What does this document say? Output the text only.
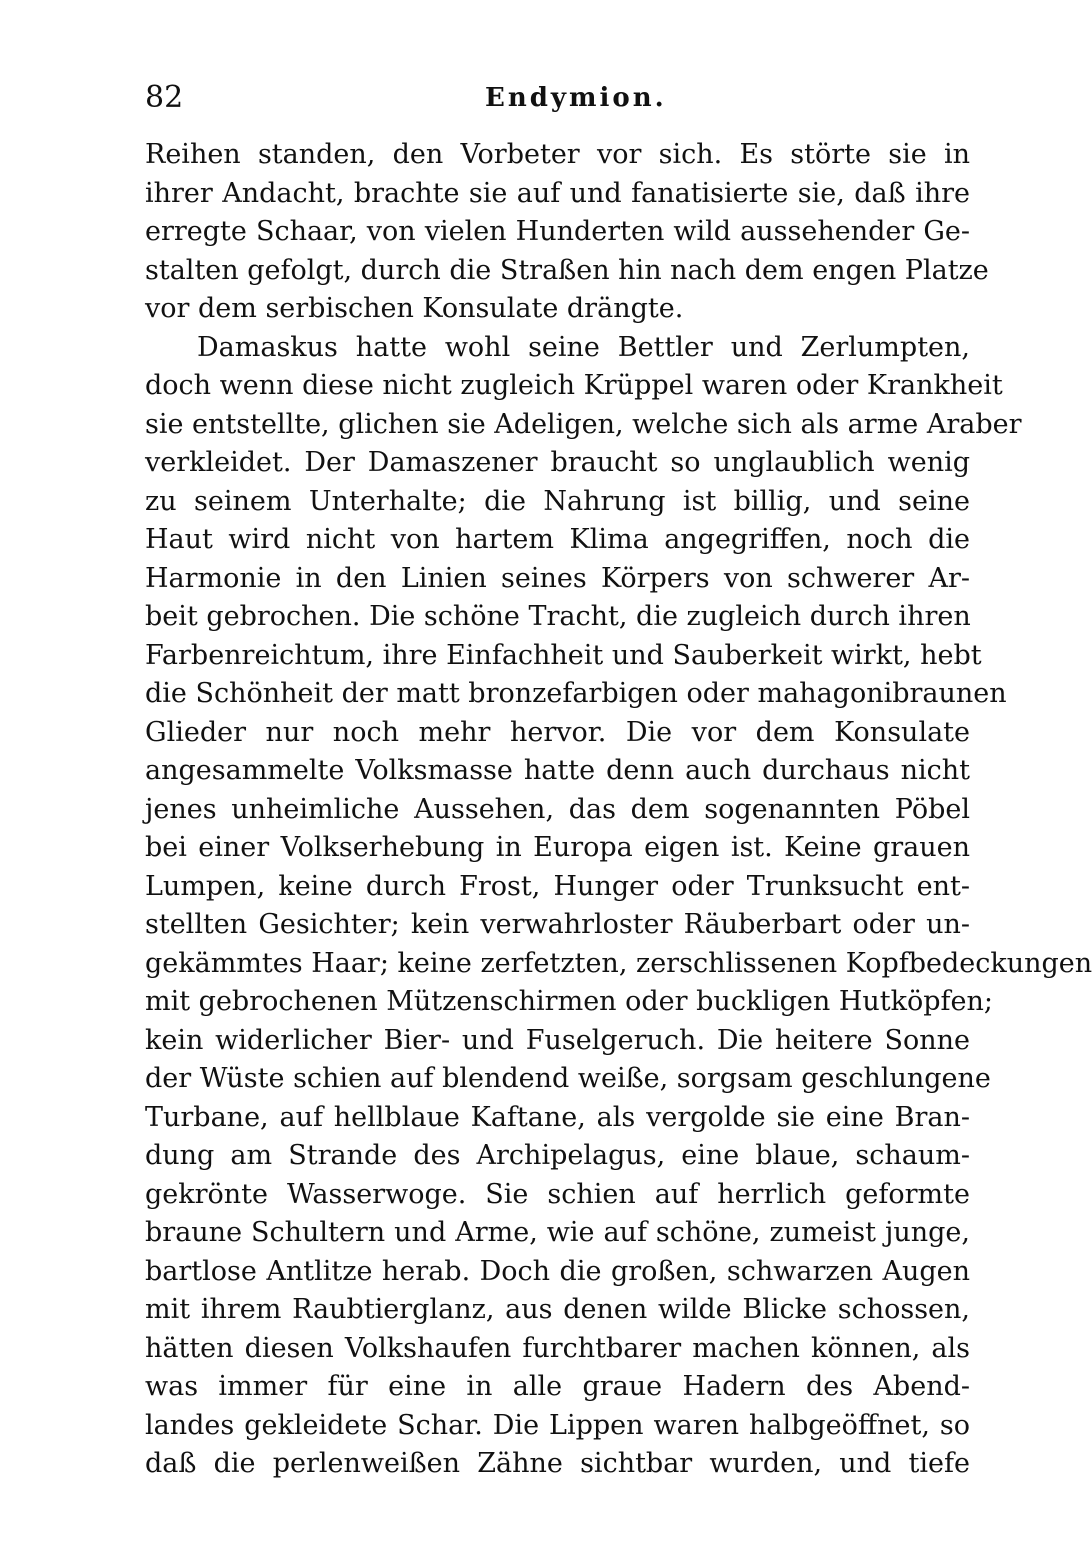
82	Endymion.
Reihen standen, den Vorbeter vor sich. Es störte sie in
ihrer Andacht, brachte sie auf und fanatisierte sie, daß ihre
erregte Schaar, von vielen Hunderten wild aussehender Ge-
stalten gefolgt, durch die Straßen hin nach dem engen Platze
vor dem serbischen Konsulate drängte.
Damaskus hatte wohl seine Bettler und Zerlumpten,
doch wenn diese nicht zugleich Krüppel waren oder Krankheit
sie entstellte, glichen sie Adeligen, welche sich als arme Araber
verkleidet. Der Damaszener braucht so unglaublich wenig
zu seinem Unterhalte; die Nahrung ist billig, und seine
Haut wird nicht von hartem Klima angegriffen, noch die
Harmonie in den Linien seines Körpers von schwerer Ar-
beit gebrochen. Die schöne Tracht, die zugleich durch ihren
Farbenreichtum, ihre Einfachheit und Sauberkeit wirkt, hebt
die Schönheit der matt bronzefarbigen oder mahagonibraunen
Glieder nur noch mehr hervor. Die vor dem Konsulate
angesammelte Volksmasse hatte denn auch durchaus nicht
jenes unheimliche Aussehen, das dem sogenannten Pöbel
bei einer Volkserhebung in Europa eigen ist. Keine grauen
Lumpen, keine durch Frost, Hunger oder Trunksucht ent-
stellten Gesichter; kein verwahrloster Räuberbart oder un-
gekämmtes Haar; keine zerfetzten, zerschlissenen Kopfbedeckungen
mit gebrochenen Mützenschirmen oder buckligen Hutköpfen;
kein widerlicher Bier- und Fuselgeruch. Die heitere Sonne
der Wüste schien auf blendend weiße, sorgsam geschlungene
Turbane, auf hellblaue Kaftane, als vergolde sie eine Bran-
dung am Strande des Archipelagus, eine blaue, schaum-
gekrönte Wasserwoge. Sie schien auf herrlich geformte
braune Schultern und Arme, wie auf schöne, zumeist junge,
bartlose Antlitze herab. Doch die großen, schwarzen Augen
mit ihrem Raubtierglanz, aus denen wilde Blicke schossen,
hätten diesen Volkshaufen furchtbarer machen können, als
was immer für eine in alle graue Hadern des Abend-
landes gekleidete Schar. Die Lippen waren halbgeöffnet, so
daß die perlenweißen Zähne sichtbar wurden, und tiefe
